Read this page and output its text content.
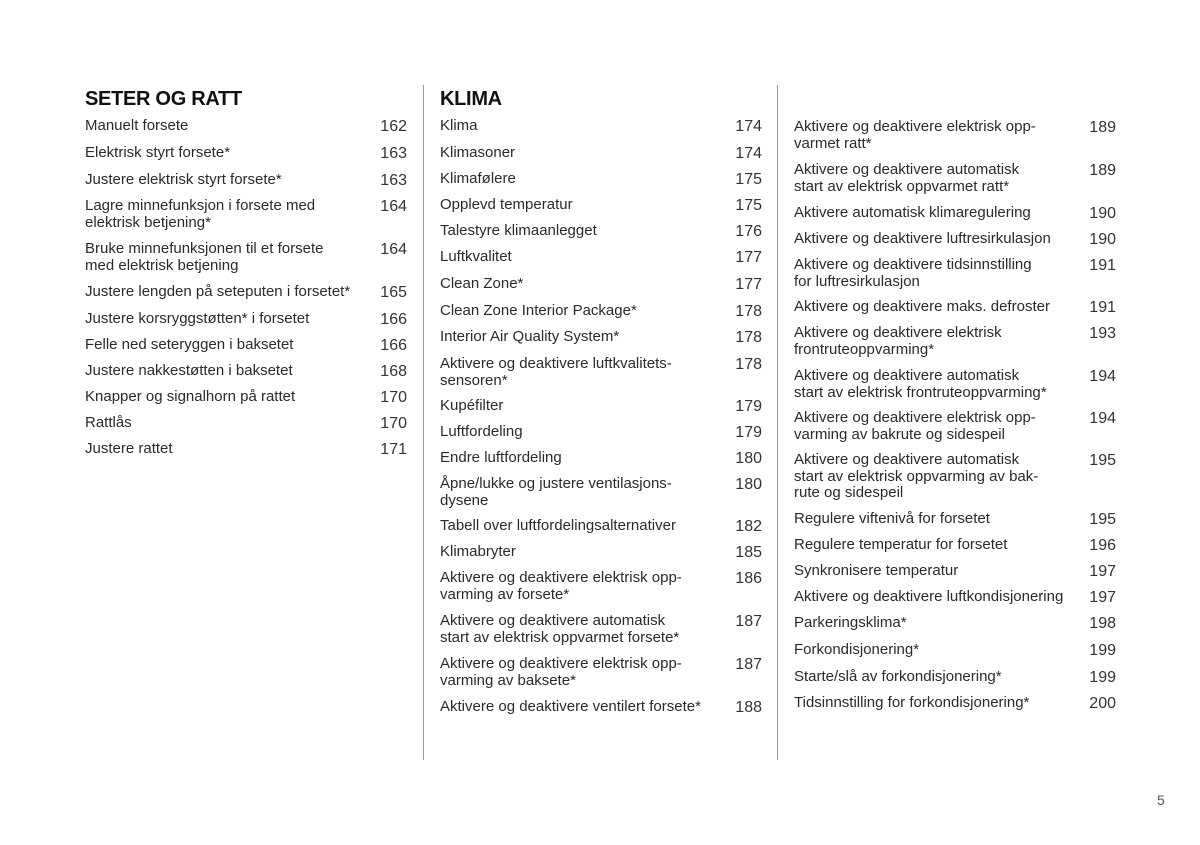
SETER OG RATT
Manuelt forsete	162
Elektrisk styrt forsete*	163
Justere elektrisk styrt forsete*	163
Lagre minnefunksjon i forsete med
elektrisk betjening*
164
Bruke minnefunksjonen til et forsete
med elektrisk betjening
164
Justere lengden på seteputen i forsetet*	165
Justere korsryggstøtten* i forsetet	166
Felle ned seteryggen i baksetet	166
Justere nakkestøtten i baksetet	168
Knapper og signalhorn på rattet	170
Rattlås	170
Justere rattet	171
KLIMA
Klima	174
Klimasoner	174
Klimafølere	175
Opplevd temperatur	175
Talestyre klimaanlegget	176
Luftkvalitet	177
Clean Zone*	177
Clean Zone Interior Package*	178
Interior Air Quality System*	178
Aktivere og deaktivere luftkvalitets-
sensoren*
178
Kupéfilter	179
Luftfordeling	179
Endre luftfordeling	180
Åpne/lukke og justere ventilasjons-
dysene
180
Tabell over luftfordelingsalternativer	182
Klimabryter	185
Aktivere og deaktivere elektrisk opp-
varming av forsete*
186
Aktivere og deaktivere automatisk
start av elektrisk oppvarmet forsete*
187
Aktivere og deaktivere elektrisk opp-
varming av baksete*
187
Aktivere og deaktivere ventilert forsete*	188
Aktivere og deaktivere elektrisk opp-
varmet ratt*
189
Aktivere og deaktivere automatisk
start av elektrisk oppvarmet ratt*
189
Aktivere automatisk klimaregulering	190
Aktivere og deaktivere luftresirkulasjon	190
Aktivere og deaktivere tidsinnstilling
for luftresirkulasjon
191
Aktivere og deaktivere maks. defroster	191
Aktivere og deaktivere elektrisk
frontruteoppvarming*
193
Aktivere og deaktivere automatisk
start av elektrisk frontruteoppvarming*
194
Aktivere og deaktivere elektrisk opp-
varming av bakrute og sidespeil
194
Aktivere og deaktivere automatisk
start av elektrisk oppvarming av bak-
rute og sidespeil
195
Regulere viftenivå for forsetet	195
Regulere temperatur for forsetet	196
Synkronisere temperatur	197
Aktivere og deaktivere luftkondisjonering	197
Parkeringsklima*	198
Forkondisjonering*	199
Starte/slå av forkondisjonering*	199
Tidsinnstilling for forkondisjonering*	200
5
